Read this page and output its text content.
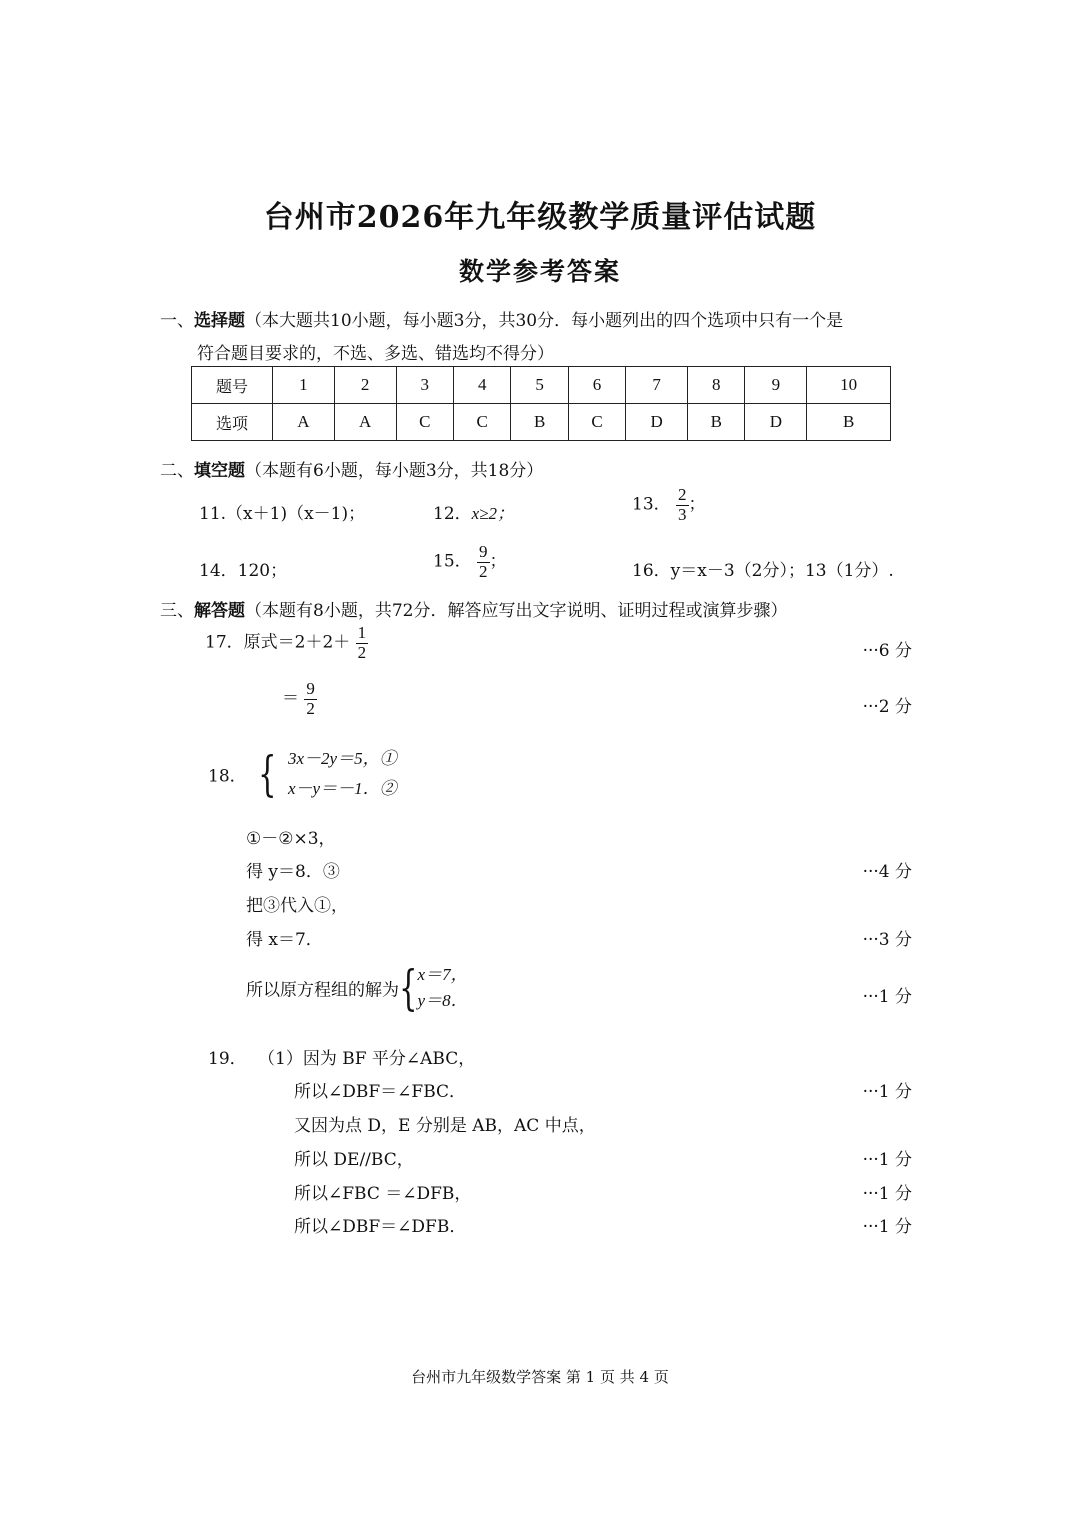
台州市2026年九年级教学质量评估试题
数学参考答案
一、选择题（本大题共10小题，每小题3分，共30分．每小题列出的四个选项中只有一个是
符合题目要求的，不选、多选、错选均不得分）
题号	1	2	3	4	5	6	7	8	9	10
选项	A	A	C	C	B	C	D	B	D	B
二、填空题（本题有6小题，每小题3分，共18分）
11.（x＋1)（x－1)；	12．x≥2；	13． $\frac{2}{3}$ ；
14．120；	15． $\frac{9}{2}$ ；	16．y＝x－3（2分）；13（1分）.
三、解答题（本题有8小题，共72分．解答应写出文字说明、证明过程或演算步骤）
17．原式$=2+2+ \frac{1}{2}$	···6 分
＝ $\frac{9}{2}$	···2 分
18． { 3x－2y＝5，①
x－y＝－1．②
①－②×3，
得 y＝8．③	···4 分
把③代入①，
得 x＝7．	···3 分
所以原方程组的解为{ x＝7，
y＝8．	···1 分
19． （1）因为 BF 平分∠ABC，
所以∠DBF＝∠FBC．	···1 分
又因为点 D，E 分别是 AB，AC 中点，
所以 DE//BC，	···1 分
所以∠FBC ＝∠DFB，	···1 分
所以∠DBF＝∠DFB．	···1 分
台州市九年级数学答案 第 1 页 共 4 页
